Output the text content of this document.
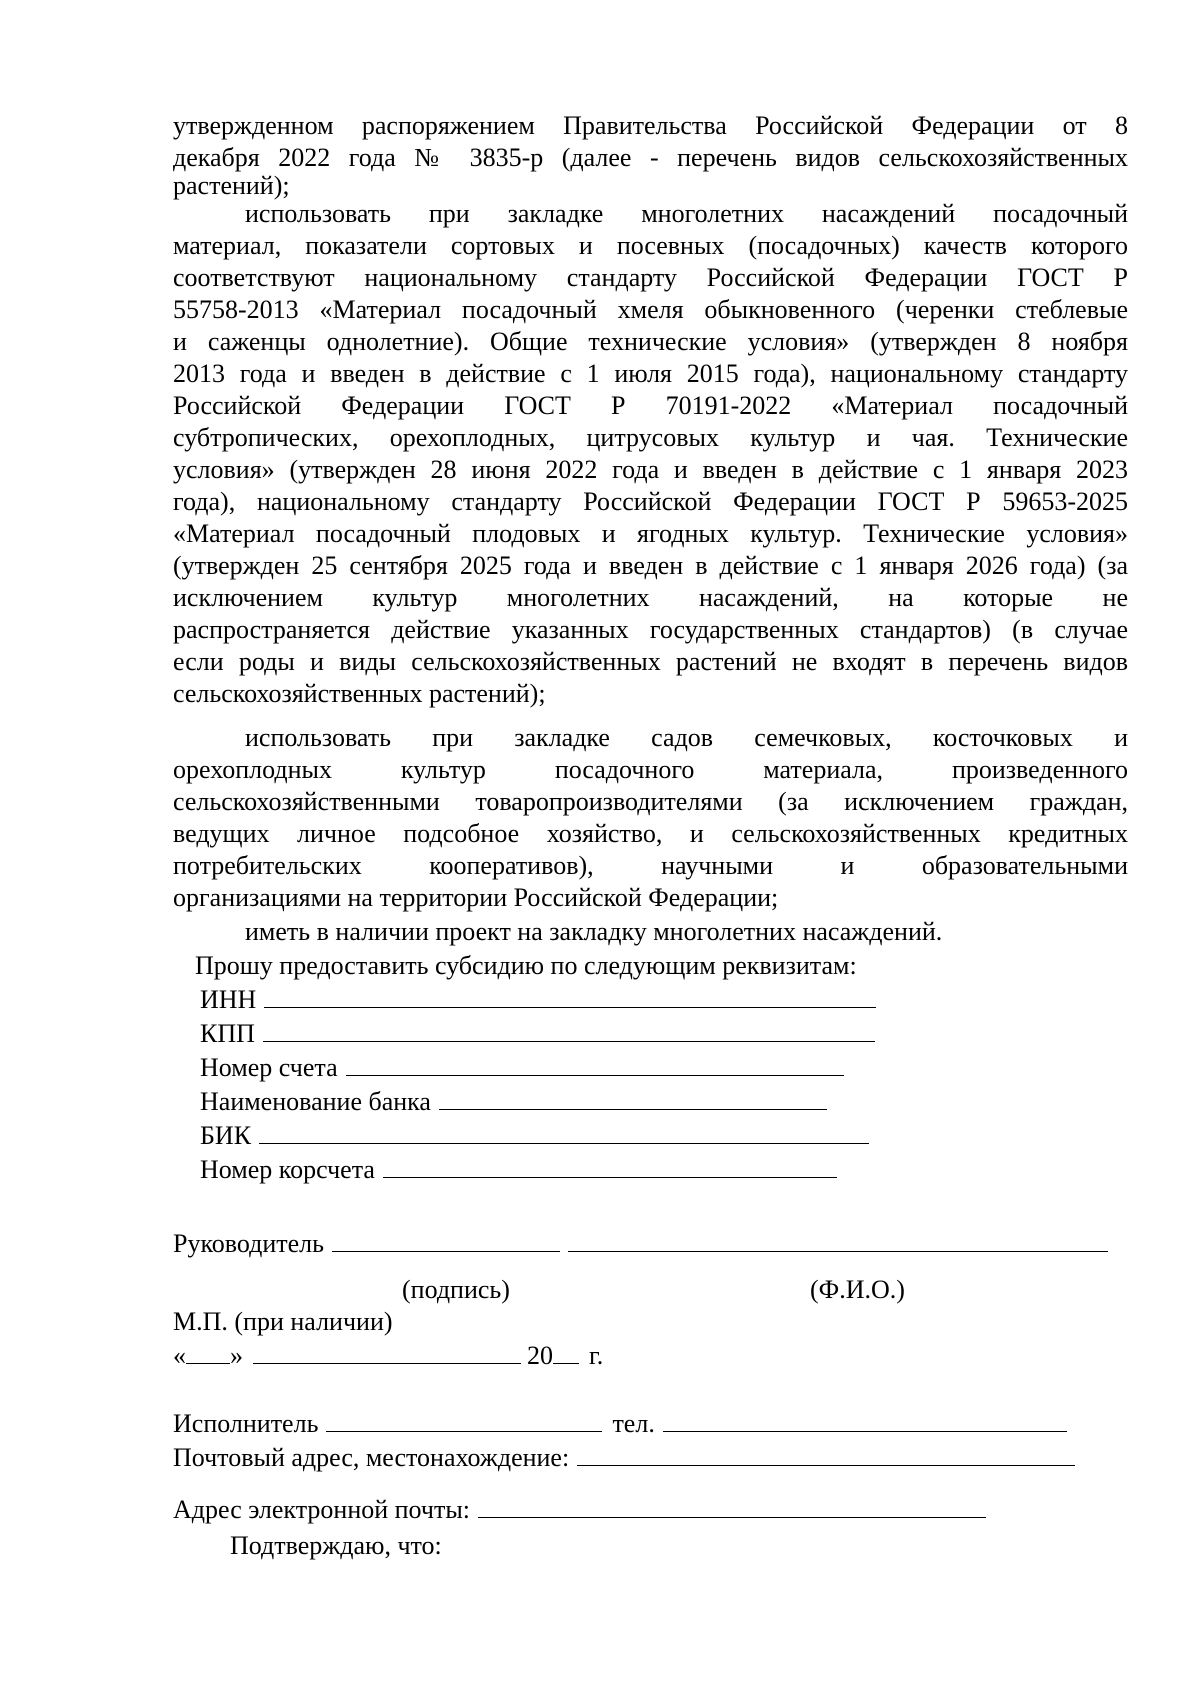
утвержденном распоряжением Правительства Российской Федерации от 8
декабря 2022 года № 3835-р (далее - перечень видов сельскохозяйственных
растений);
использовать при закладке многолетних насаждений посадочный
материал, показатели сортовых и посевных (посадочных) качеств которого
соответствуют национальному стандарту Российской Федерации ГОСТ Р
55758-2013 «Материал посадочный хмеля обыкновенного (черенки стеблевые
и саженцы однолетние). Общие технические условия» (утвержден 8 ноября
2013 года и введен в действие с 1 июля 2015 года), национальному стандарту
Российской Федерации ГОСТ Р 70191-2022 «Материал посадочный
субтропических, орехоплодных, цитрусовых культур и чая. Технические
условия» (утвержден 28 июня 2022 года и введен в действие с 1 января 2023
года), национальному стандарту Российской Федерации ГОСТ Р 59653-2025
«Материал посадочный плодовых и ягодных культур. Технические условия»
(утвержден 25 сентября 2025 года и введен в действие с 1 января 2026 года) (за
исключением культур многолетних насаждений, на которые не
распространяется действие указанных государственных стандартов) (в случае
если роды и виды сельскохозяйственных растений не входят в перечень видов
сельскохозяйственных растений);
использовать при закладке садов семечковых, косточковых и
орехоплодных культур посадочного материала, произведенного
сельскохозяйственными товаропроизводителями (за исключением граждан,
ведущих личное подсобное хозяйство, и сельскохозяйственных кредитных
потребительских кооперативов), научными и образовательными
организациями на территории Российской Федерации;
иметь в наличии проект на закладку многолетних насаждений.
Прошу предоставить субсидию по следующим реквизитам:
ИНН
КПП
Номер счета
Наименование банка
БИК
Номер корсчета
Руководитель
(подпись)	(Ф.И.О.)
М.П. (при наличии)
« »	20 г.
Исполнитель	тел.
Почтовый адрес, местонахождение:
Адрес электронной почты:
Подтверждаю, что:
